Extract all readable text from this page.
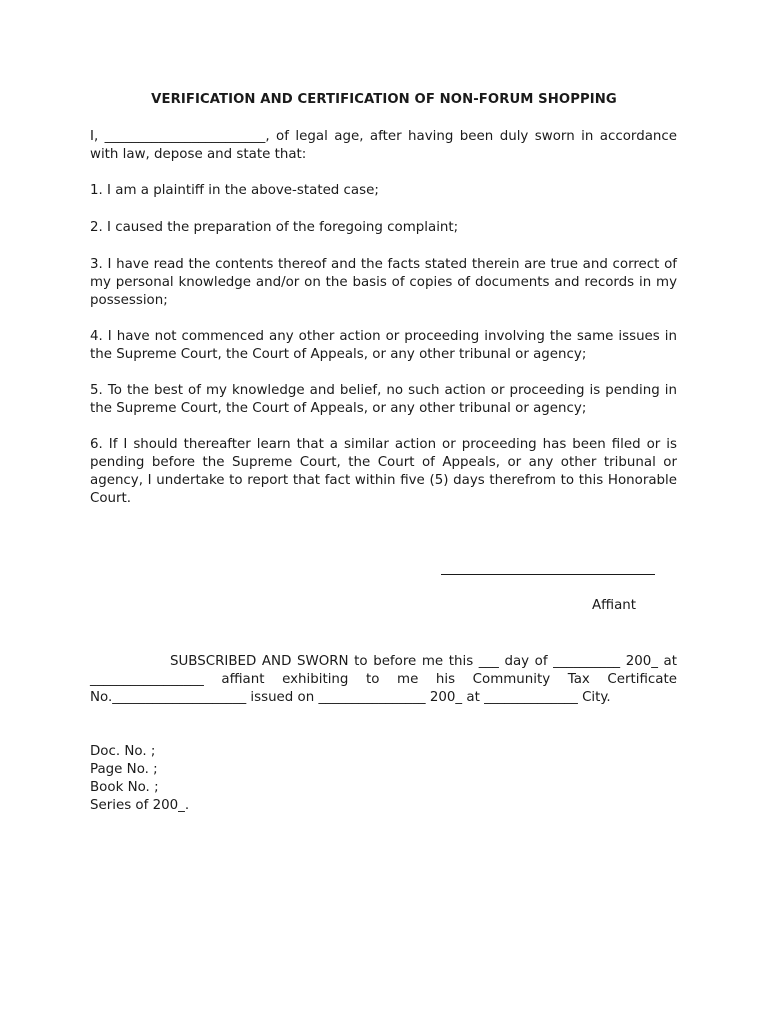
VERIFICATION AND CERTIFICATION OF NON-FORUM SHOPPING
I, ________________________, of legal age, after having been duly sworn in accordance with law, depose and state that:
1. I am a plaintiff in the above-stated case;
2. I caused the preparation of the foregoing complaint;
3. I have read the contents thereof and the facts stated therein are true and correct of my personal knowledge and/or on the basis of copies of documents and records in my possession;
4. I have not commenced any other action or proceeding involving the same issues in the Supreme Court, the Court of Appeals, or any other tribunal or agency;
5. To the best of my knowledge and belief, no such action or proceeding is pending in the Supreme Court, the Court of Appeals, or any other tribunal or agency;
6. If I should thereafter learn that a similar action or proceeding has been filed or is pending before the Supreme Court, the Court of Appeals, or any other tribunal or agency, I undertake to report that fact within five (5) days therefrom to this Honorable Court.
Affiant
SUBSCRIBED AND SWORN to before me this ___ day of __________ 200_ at _________________ affiant exhibiting to me his Community Tax Certificate No.____________________ issued on ________________ 200_ at ______________ City.
Doc. No. ;
Page No. ;
Book No. ;
Series of 200_.
